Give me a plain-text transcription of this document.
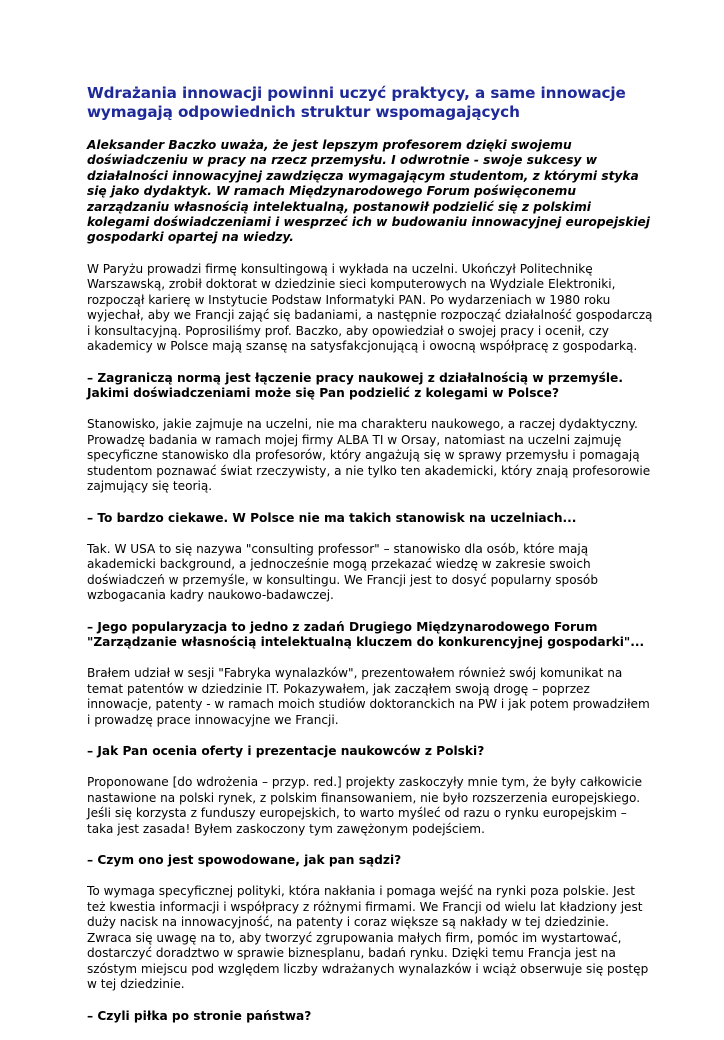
Wdrażania innowacji powinni uczyć praktycy, a same innowacje wymagają odpowiednich struktur wspomagających

Aleksander Baczko uważa, że jest lepszym profesorem dzięki swojemu doświadczeniu w pracy na rzecz przemysłu. I odwrotnie - swoje sukcesy w działalności innowacyjnej zawdzięcza wymagającym studentom, z którymi styka się jako dydaktyk. W ramach Międzynarodowego Forum poświęconemu zarządzaniu własnością intelektualną, postanowił podzielić się z polskimi kolegami doświadczeniami i wesprzeć ich w budowaniu innowacyjnej europejskiej gospodarki opartej na wiedzy.

W Paryżu prowadzi firmę konsultingową i wykłada na uczelni. Ukończył Politechnikę Warszawską, zrobił doktorat w dziedzinie sieci komputerowych na Wydziale Elektroniki, rozpoczął karierę w Instytucie Podstaw Informatyki PAN. Po wydarzeniach w 1980 roku wyjechał, aby we Francji zająć się badaniami, a następnie rozpocząć działalność gospodarczą i konsultacyjną. Poprosiliśmy prof. Baczko, aby opowiedział o swojej pracy i ocenił, czy akademicy w Polsce mają szansę na satysfakcjonującą i owocną współpracę z gospodarką.

– Zagraniczą normą jest łączenie pracy naukowej z działalnością w przemyśle. Jakimi doświadczeniami może się Pan podzielić z kolegami w Polsce?

Stanowisko, jakie zajmuje na uczelni, nie ma charakteru naukowego, a raczej dydaktyczny. Prowadzę badania w ramach mojej firmy ALBA TI w Orsay, natomiast na uczelni zajmuję specyficzne stanowisko dla profesorów, który angażują się w sprawy przemysłu i pomagają studentom poznawać świat rzeczywisty, a nie tylko ten akademicki, który znają profesorowie zajmujący się teorią.

– To bardzo ciekawe. W Polsce nie ma takich stanowisk na uczelniach...

Tak. W USA to się nazywa "consulting professor" – stanowisko dla osób, które mają akademicki background, a jednocześnie mogą przekazać wiedzę w zakresie swoich doświadczeń w przemyśle, w konsultingu. We Francji jest to dosyć popularny sposób wzbogacania kadry naukowo-badawczej.

– Jego popularyzacja to jedno z zadań Drugiego Międzynarodowego Forum "Zarządzanie własnością intelektualną kluczem do konkurencyjnej gospodarki"...

Brałem udział w sesji "Fabryka wynalazków", prezentowałem również swój komunikat na temat patentów w dziedzinie IT. Pokazywałem, jak zacząłem swoją drogę – poprzez innowacje, patenty - w ramach moich studiów doktoranckich na PW i jak potem prowadziłem i prowadzę prace innowacyjne we Francji.

– Jak Pan ocenia oferty i prezentacje naukowców z Polski?

Proponowane [do wdrożenia – przyp. red.] projekty zaskoczyły mnie tym, że były całkowicie nastawione na polski rynek, z polskim finansowaniem, nie było rozszerzenia europejskiego. Jeśli się korzysta z funduszy europejskich, to warto myśleć od razu o rynku europejskim – taka jest zasada! Byłem zaskoczony tym zawężonym podejściem.

– Czym ono jest spowodowane, jak pan sądzi?

To wymaga specyficznej polityki, która nakłania i pomaga wejść na rynki poza polskie. Jest też kwestia informacji i współpracy z różnymi firmami. We Francji od wielu lat kładziony jest duży nacisk na innowacyjność, na patenty i coraz większe są nakłady w tej dziedzinie. Zwraca się uwagę na to, aby tworzyć zgrupowania małych firm, pomóc im wystartować, dostarczyć doradztwo w sprawie biznesplanu, badań rynku. Dzięki temu Francja jest na szóstym miejscu pod względem liczby wdrażanych wynalazków i wciąż obserwuje się postęp w tej dziedzinie.

– Czyli piłka po stronie państwa?
